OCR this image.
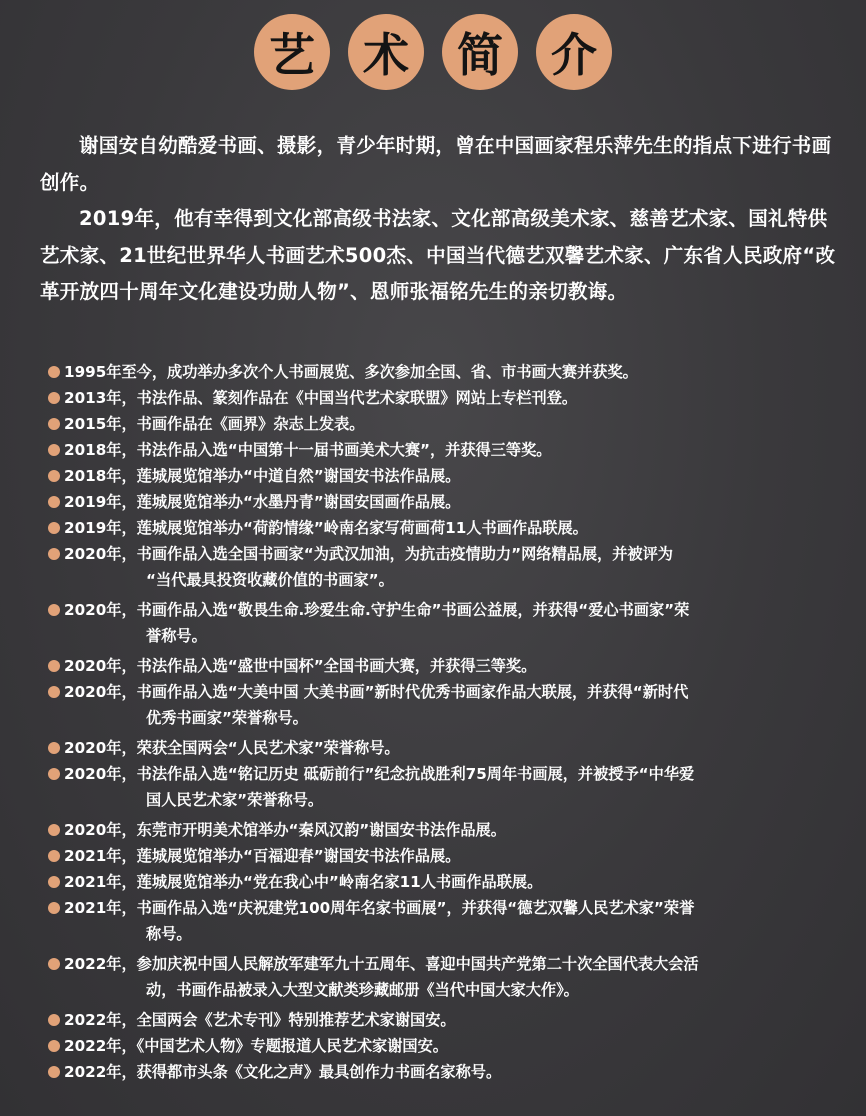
艺 术 简 介

谢国安自幼酷爱书画、摄影，青少年时期，曾在中国画家程乐萍先生的指点下进行书画创作。

2019年，他有幸得到文化部高级书法家、文化部高级美术家、慈善艺术家、国礼特供艺术家、21世纪世界华人书画艺术500杰、中国当代德艺双馨艺术家、广东省人民政府“改革开放四十周年文化建设功勋人物”、恩师张福铭先生的亲切教诲。

1995年至今，成功举办多次个人书画展览、多次参加全国、省、市书画大赛并获奖。
2013年，书法作品、篆刻作品在《中国当代艺术家联盟》网站上专栏刊登。
2015年，书画作品在《画界》杂志上发表。
2018年，书法作品入选“中国第十一届书画美术大赛”，并获得三等奖。
2018年，莲城展览馆举办“中道自然”谢国安书法作品展。
2019年，莲城展览馆举办“水墨丹青”谢国安国画作品展。
2019年，莲城展览馆举办“荷韵情缘”岭南名家写荷画荷11人书画作品联展。
2020年，书画作品入选全国书画家“为武汉加油，为抗击疫情助力”网络精品展，并被评为
“当代最具投资收藏价值的书画家”。
2020年，书画作品入选“敬畏生命.珍爱生命.守护生命”书画公益展，并获得“爱心书画家”荣
誉称号。
2020年，书法作品入选“盛世中国杯”全国书画大赛，并获得三等奖。
2020年，书画作品入选“大美中国 大美书画”新时代优秀书画家作品大联展，并获得“新时代
优秀书画家”荣誉称号。
2020年，荣获全国两会“人民艺术家”荣誉称号。
2020年，书法作品入选“铭记历史 砥砺前行”纪念抗战胜利75周年书画展，并被授予“中华爱
国人民艺术家”荣誉称号。
2020年，东莞市开明美术馆举办“秦风汉韵”谢国安书法作品展。
2021年，莲城展览馆举办“百福迎春”谢国安书法作品展。
2021年，莲城展览馆举办“党在我心中”岭南名家11人书画作品联展。
2021年，书画作品入选“庆祝建党100周年名家书画展”，并获得“德艺双馨人民艺术家”荣誉
称号。
2022年，参加庆祝中国人民解放军建军九十五周年、喜迎中国共产党第二十次全国代表大会活
动，书画作品被录入大型文献类珍藏邮册《当代中国大家大作》。
2022年，全国两会《艺术专刊》特别推荐艺术家谢国安。
2022年，《中国艺术人物》专题报道人民艺术家谢国安。
2022年，获得都市头条《文化之声》最具创作力书画名家称号。
